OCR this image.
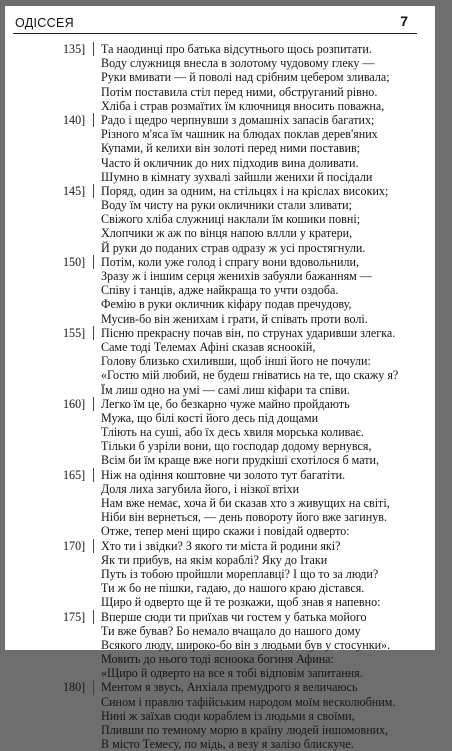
ОДІССЕЯ	7
135] Та наодинці про батька відсутнього щось розпитати.
Воду служниця внесла в золотому чудовому глеку —
Руки вмивати — й поволі над срібним цебером зливала;
Потім поставила стіл перед ними, обструганий рівно.
Хліба і страв розмаїтих їм ключниця вносить поважна,
140] Радо і щедро черпнувши з домашніх запасів багатих;
Різного м'яса їм чашник на блюдах поклав дерев'яних
Купами, й келихи він золоті перед ними поставив;
Часто й окличник до них підходив вина доливати.
Шумно в кімнату зухвалі зайшли женихи й посідали
145] Поряд, один за одним, на стільцях і на кріслах високих;
Воду їм чисту на руки окличники стали зливати;
Свіжого хліба служниці наклали їм кошики повні;
Хлопчики ж аж по вінця напою вллли у кратери,
Й руки до поданих страв одразу ж усі простягнули.
150] Потім, коли уже голод і спрагу вони вдовольнили,
Зразу ж і іншим серця женихів забуяли бажанням —
Співу і танців, адже найкраща то учти оздоба.
Фемію в руки окличник кіфару подав пречудову,
Мусив-бо він женихам і грати, й співать проти волі.
155] Пісню прекрасну почав він, по струнах ударивши злегка.
Саме тоді Телемах Афіні сказав ясноокій,
Голову близько схиливши, щоб інші його не почули:
«Гостю мій любий, не будеш гніватись на те, що скажу я?
Їм лиш одно на умі — самі лиш кіфари та співи.
160] Легко їм це, бо безкарно чуже майно пройдають
Мужа, що білі кості його десь під дощами
Тліють на суші, або їх десь хвиля морська коливає.
Тільки б узріли вони, що господар додому вернувся,
Всім би їм краще вже ноги прудкіші схотілося б мати,
165] Ніж на одіння коштовне чи золото тут багатіти.
Доля лиха загубила його, і нізкої втіхи
Нам вже немає, хоча й би сказав хто з живущих на світі,
Ніби він вернеться, — день повороту його вже загинув.
Отже, тепер мені щиро скажи і повідай одверто:
170] Хто ти і звідки? З якого ти міста й родини які?
Як ти прибув, на якім кораблі? Яку до Ітаки
Путь із тобою пройшли мореплавці? І що то за люди?
Ти ж бо не пішки, гадаю, до нашого краю дістався.
Щиро й одверто ще й те розкажи, щоб знав я напевно:
175] Вперше сюди ти приїхав чи гостем у батька мойого
Ти вже бував? Бо немало вчащало до нашого дому
Всякого люду, широко-бо він з людьми був у стосунки».
Мовить до нього тоді ясноока богиня Афина:
«Щиро й одверто на все я тобі відповім запитання.
180] Ментом я звусь, Анхіала премудрого я величаюсь
Сином і правлю тафійським народом моїм весколюбним.
Нині ж заїхав сюди кораблем із людьми я своїми,
Пливши по темному морю в країну людей іншомовних,
В місто Темесу, по мідь, а везу я залізо блискуче.
